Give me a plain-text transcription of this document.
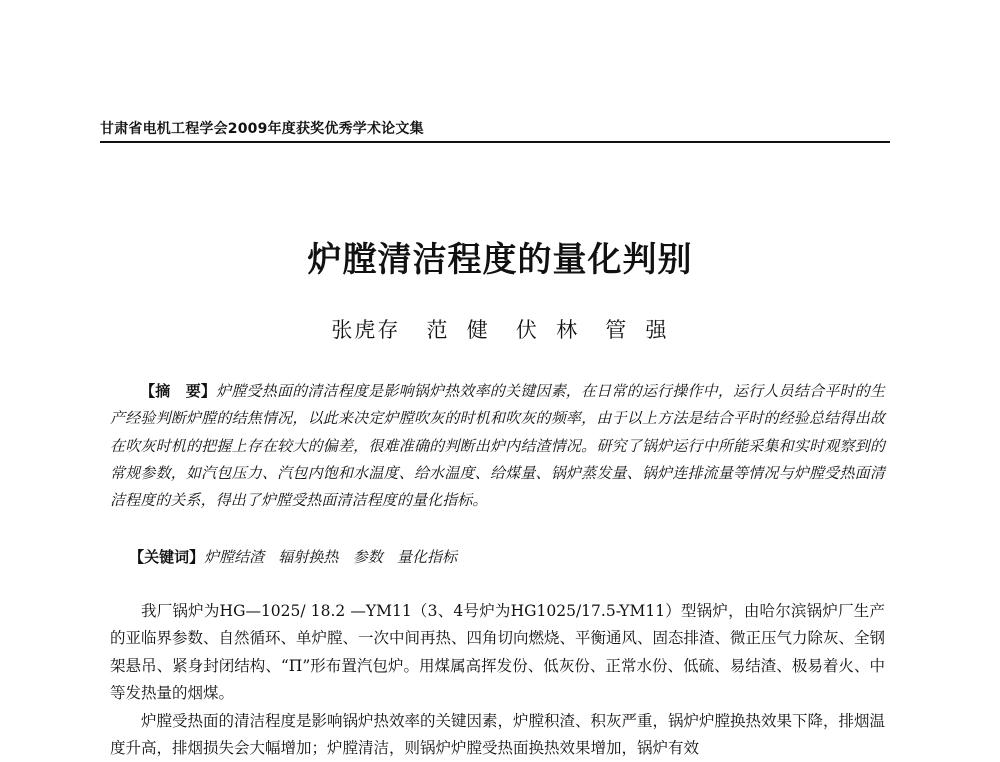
甘肃省电机工程学会2009年度获奖优秀学术论文集
炉膛清洁程度的量化判别
张虎存   范  健   伏  林   管  强
【摘　要】炉膛受热面的清洁程度是影响锅炉热效率的关键因素，在日常的运行操作中，运行人员结合平时的生产经验判断炉膛的结焦情况，以此来决定炉膛吹灰的时机和吹灰的频率，由于以上方法是结合平时的经验总结得出故在吹灰时机的把握上存在较大的偏差，很难准确的判断出炉内结渣情况。研究了锅炉运行中所能采集和实时观察到的常规参数，如汽包压力、汽包内饱和水温度、给水温度、给煤量、锅炉蒸发量、锅炉连排流量等情况与炉膛受热面清洁程度的关系，得出了炉膛受热面清洁程度的量化指标。
【关键词】炉膛结渣   辐射换热   参数   量化指标

我厂锅炉为HG—1025/ 18.2 —YM11（3、4号炉为HG1025/17.5-YM11）型锅炉，由哈尔滨锅炉厂生产的亚临界参数、自然循环、单炉膛、一次中间再热、四角切向燃烧、平衡通风、固态排渣、微正压气力除灰、全钢架悬吊、紧身封闭结构、“Π”形布置汽包炉。用煤属高挥发份、低灰份、正常水份、低硫、易结渣、极易着火、中等发热量的烟煤。

炉膛受热面的清洁程度是影响锅炉热效率的关键因素，炉膛积渣、积灰严重，锅炉炉膛换热效果下降，排烟温度升高，排烟损失会大幅增加；炉膛清洁，则锅炉炉膛受热面换热效果增加，锅炉有效
